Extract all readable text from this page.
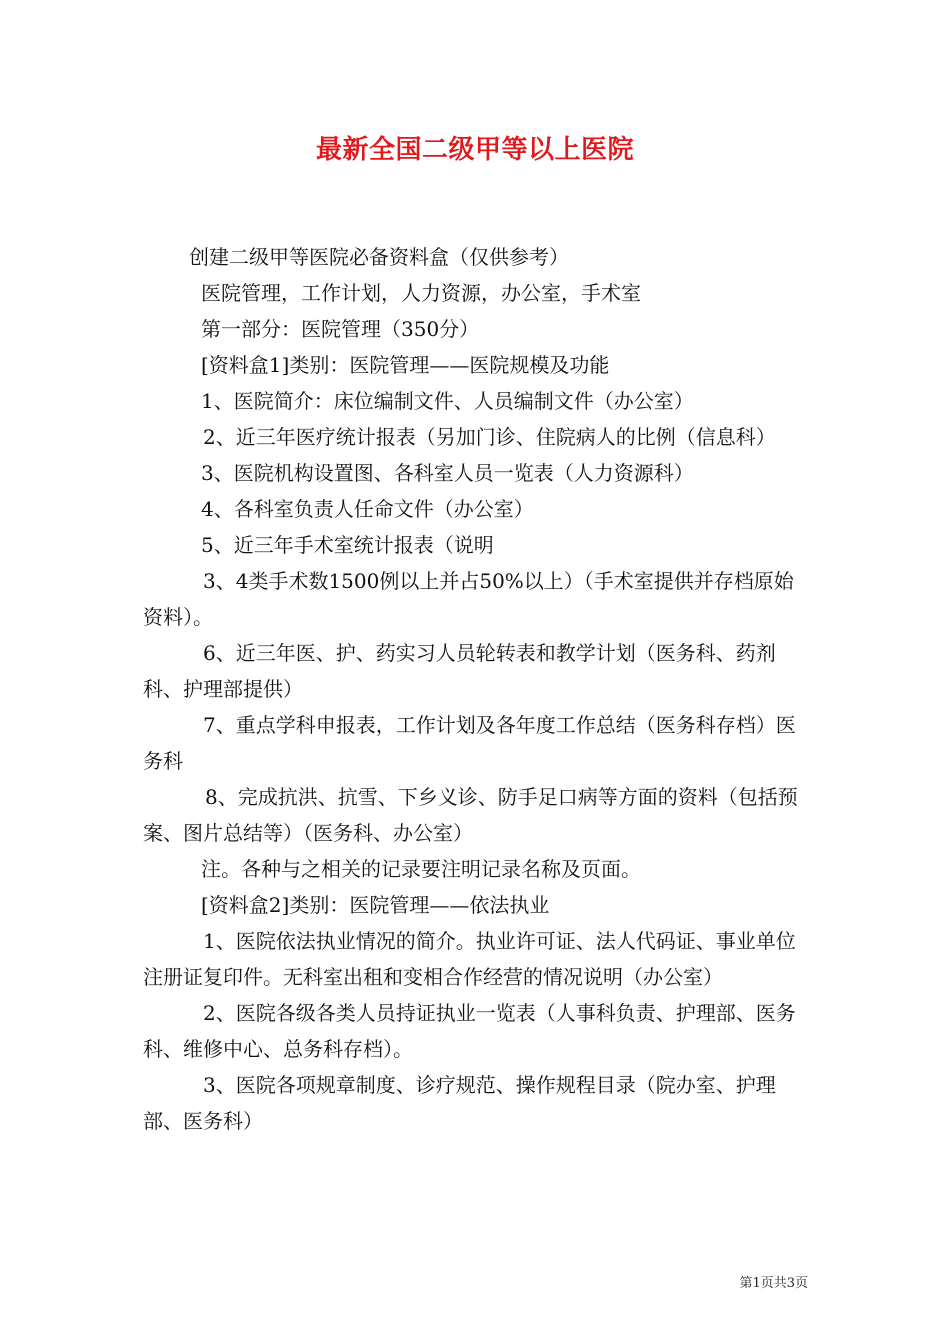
最新全国二级甲等以上医院

创建二级甲等医院必备资料盒（仅供参考）

医院管理，工作计划，人力资源，办公室，手术室

第一部分：医院管理（350分）

[资料盒1]类别：医院管理——医院规模及功能

1、医院简介：床位编制文件、人员编制文件（办公室）

2、近三年医疗统计报表（另加门诊、住院病人的比例（信息科）

3、医院机构设置图、各科室人员一览表（人力资源科）

4、各科室负责人任命文件（办公室）

5、近三年手术室统计报表（说明

3、4类手术数1500例以上并占50%以上）（手术室提供并存档原始资料）。

6、近三年医、护、药实习人员轮转表和教学计划（医务科、药剂科、护理部提供）

7、重点学科申报表，工作计划及各年度工作总结（医务科存档）医务科

8、完成抗洪、抗雪、下乡义诊、防手足口病等方面的资料（包括预案、图片总结等）（医务科、办公室）

注。各种与之相关的记录要注明记录名称及页面。

[资料盒2]类别：医院管理——依法执业

1、医院依法执业情况的简介。执业许可证、法人代码证、事业单位注册证复印件。无科室出租和变相合作经营的情况说明（办公室）

2、医院各级各类人员持证执业一览表（人事科负责、护理部、医务科、维修中心、总务科存档）。

3、医院各项规章制度、诊疗规范、操作规程目录（院办室、护理部、医务科）

第1页共3页
